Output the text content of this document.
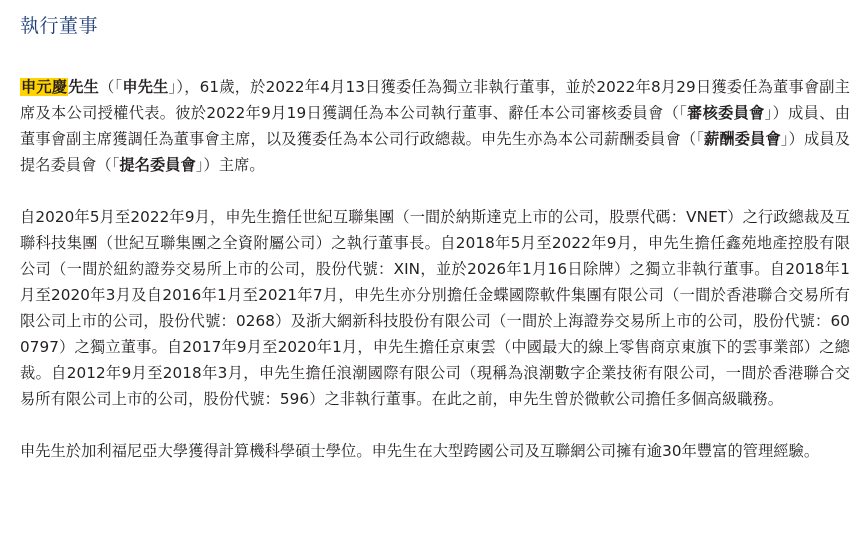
執行董事

申元慶先生（「申先生」），61歲，於2022年4月13日獲委任為獨立非執行董事，並於2022年8月29日獲委任為董事會副主席及本公司授權代表。彼於2022年9月19日獲調任為本公司執行董事、辭任本公司審核委員會（「審核委員會」）成員、由董事會副主席獲調任為董事會主席，以及獲委任為本公司行政總裁。申先生亦為本公司薪酬委員會（「薪酬委員會」）成員及提名委員會（「提名委員會」）主席。

自2020年5月至2022年9月，申先生擔任世紀互聯集團（一間於納斯達克上市的公司，股票代碼：VNET）之行政總裁及互聯科技集團（世紀互聯集團之全資附屬公司）之執行董事長。自2018年5月至2022年9月，申先生擔任鑫苑地產控股有限公司（一間於紐約證券交易所上市的公司，股份代號：XIN，並於2026年1月16日除牌）之獨立非執行董事。自2018年1月至2020年3月及自2016年1月至2021年7月，申先生亦分別擔任金蝶國際軟件集團有限公司（一間於香港聯合交易所有限公司上市的公司，股份代號：0268）及浙大網新科技股份有限公司（一間於上海證券交易所上市的公司，股份代號：600797）之獨立董事。自2017年9月至2020年1月，申先生擔任京東雲（中國最大的線上零售商京東旗下的雲事業部）之總裁。自2012年9月至2018年3月，申先生擔任浪潮國際有限公司（現稱為浪潮數字企業技術有限公司，一間於香港聯合交易所有限公司上市的公司，股份代號：596）之非執行董事。在此之前，申先生曾於微軟公司擔任多個高級職務。

申先生於加利福尼亞大學獲得計算機科學碩士學位。申先生在大型跨國公司及互聯網公司擁有逾30年豐富的管理經驗。
